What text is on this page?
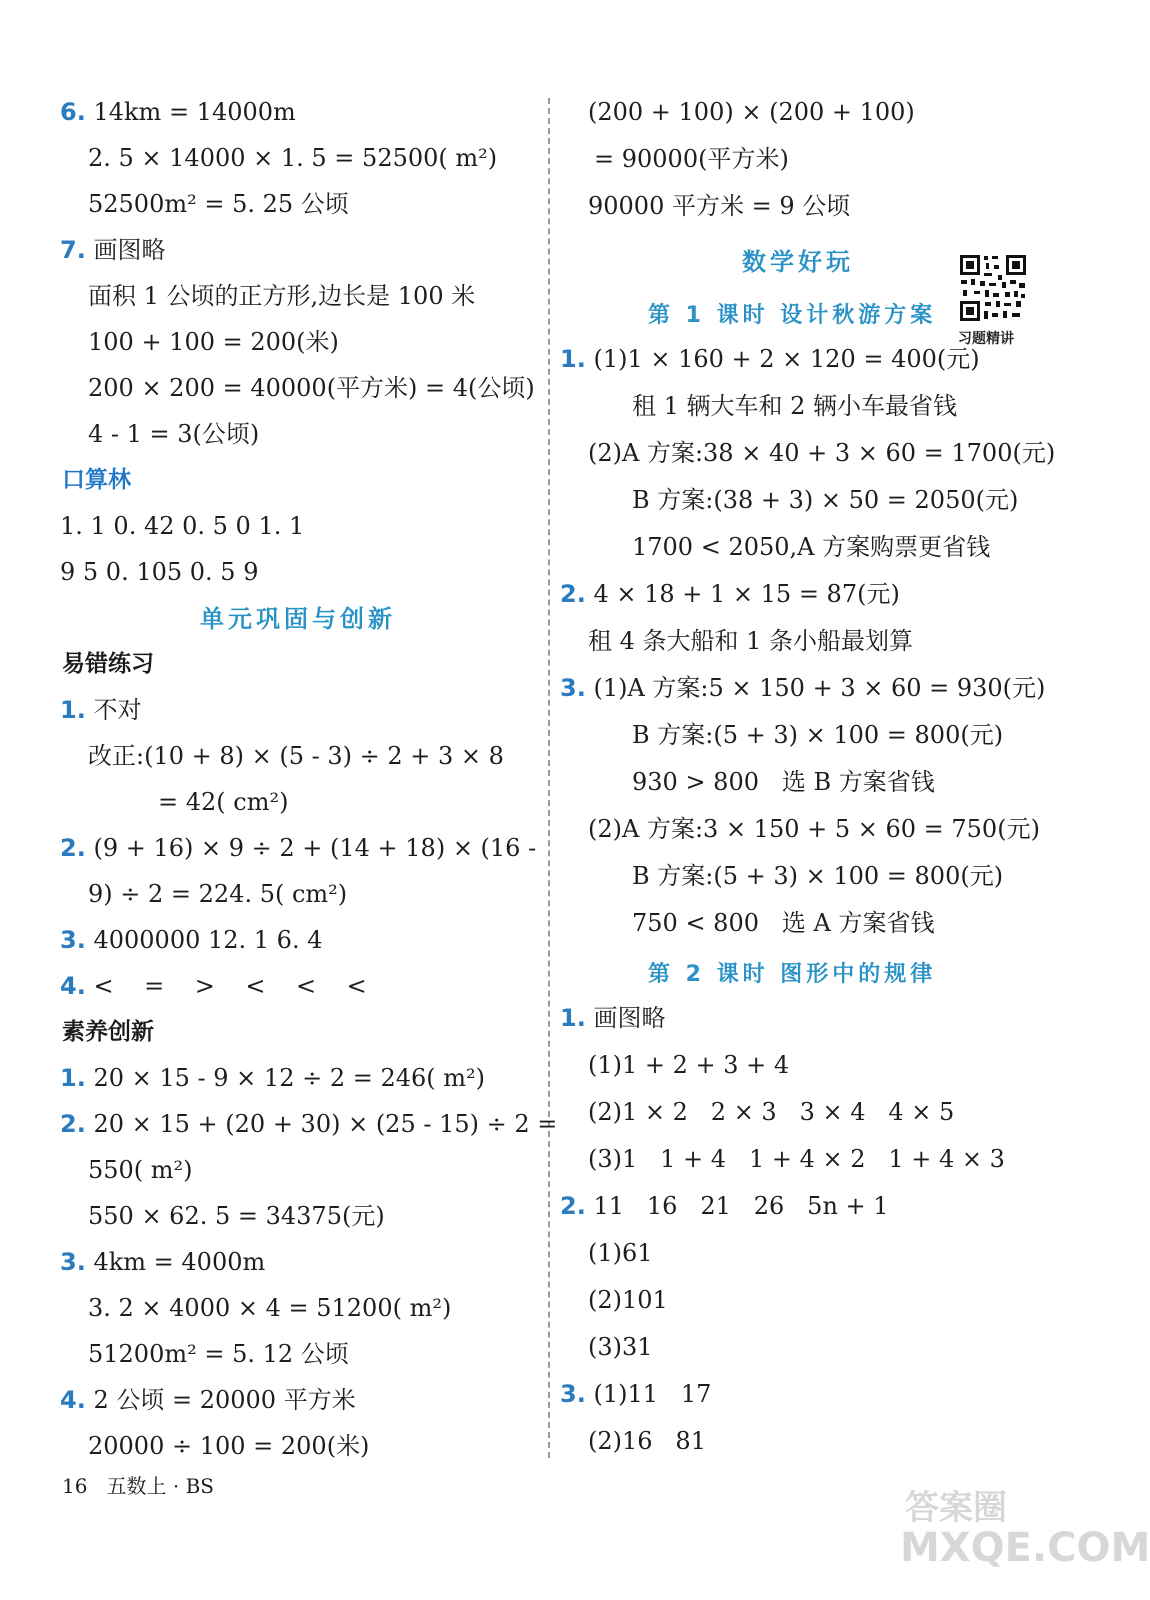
6. 14km = 14000m
2. 5 × 14000 × 1. 5 = 52500( m²)
52500m² = 5. 25 公顷
7. 画图略
面积 1 公顷的正方形,边长是 100 米
100 + 100 = 200(米)
200 × 200 = 40000(平方米) = 4(公顷)
4 - 1 = 3(公顷)
口算林
1. 1 0. 42 0. 5 0 1. 1
9 5 0. 105 0. 5 9
单元巩固与创新
易错练习
1. 不对
改正:(10 + 8) × (5 - 3) ÷ 2 + 3 × 8
= 42( cm²)
2. (9 + 16) × 9 ÷ 2 + (14 + 18) × (16 -
9) ÷ 2 = 224. 5( cm²)
3. 4000000 12. 1 6. 4
4. <    =    >    <    <    <
素养创新
1. 20 × 15 - 9 × 12 ÷ 2 = 246( m²)
2. 20 × 15 + (20 + 30) × (25 - 15) ÷ 2 =
550( m²)
550 × 62. 5 = 34375(元)
3. 4km = 4000m
3. 2 × 4000 × 4 = 51200( m²)
51200m² = 5. 12 公顷
4. 2 公顷 = 20000 平方米
20000 ÷ 100 = 200(米)
(200 + 100) × (200 + 100)
= 90000(平方米)
90000 平方米 = 9 公顷
数学好玩
第 1 课时 设计秋游方案
1. (1)1 × 160 + 2 × 120 = 400(元)
租 1 辆大车和 2 辆小车最省钱
(2)A 方案:38 × 40 + 3 × 60 = 1700(元)
B 方案:(38 + 3) × 50 = 2050(元)
1700 < 2050,A 方案购票更省钱
2. 4 × 18 + 1 × 15 = 87(元)
租 4 条大船和 1 条小船最划算
3. (1)A 方案:5 × 150 + 3 × 60 = 930(元)
B 方案:(5 + 3) × 100 = 800(元)
930 > 800   选 B 方案省钱
(2)A 方案:3 × 150 + 5 × 60 = 750(元)
B 方案:(5 + 3) × 100 = 800(元)
750 < 800   选 A 方案省钱
第 2 课时 图形中的规律
1. 画图略
(1)1 + 2 + 3 + 4
(2)1 × 2   2 × 3   3 × 4   4 × 5
(3)1   1 + 4   1 + 4 × 2   1 + 4 × 3
2. 11   16   21   26   5n + 1
(1)61
(2)101
(3)31
3. (1)11   17
(2)16   81
习题精讲
16   五数上 · BS
答案圈
MXQE.COM
